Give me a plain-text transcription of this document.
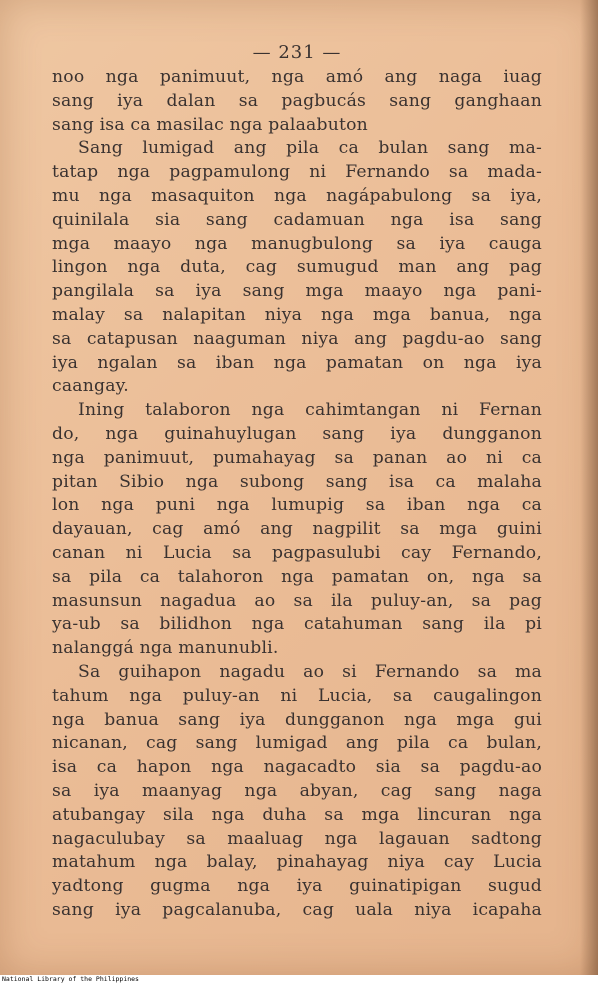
— 231 —
noo nga panimuut, nga amó ang naga iuag
sang iya dalan sa pagbucás sang ganghaan
sang isa ca masilac nga palaabuton
Sang lumigad ang pila ca bulan sang ma-
tatap nga pagpamulong ni Fernando sa mada-
mu nga masaquiton nga nagápabulong sa iya,
quinilala sia sang cadamuan nga isa sang
mga maayo nga manugbulong sa iya cauga
lingon nga duta, cag sumugud man ang pag
pangilala sa iya sang mga maayo nga pani-
malay sa nalapitan niya nga mga banua, nga
sa catapusan naaguman niya ang pagdu-ao sang
iya ngalan sa iban nga pamatan on nga iya
caangay.
Ining talaboron nga cahimtangan ni Fernan
do, nga guinahuylugan sang iya dungganon
nga panimuut, pumahayag sa panan ao ni ca
pitan Sibio nga subong sang isa ca malaha
lon nga puni nga lumupig sa iban nga ca
dayauan, cag amó ang nagpilit sa mga guini
canan ni Lucia sa pagpasulubi cay Fernando,
sa pila ca talahoron nga pamatan on, nga sa
masunsun nagadua ao sa ila puluy-an, sa pag
ya-ub sa bilidhon nga catahuman sang ila pi
nalanggá nga manunubli.
Sa guihapon nagadu ao si Fernando sa ma
tahum nga puluy-an ni Lucia, sa caugalingon
nga banua sang iya dungganon nga mga gui
nicanan, cag sang lumigad ang pila ca bulan,
isa ca hapon nga nagacadto sia sa pagdu-ao
sa iya maanyag nga abyan, cag sang naga
atubangay sila nga duha sa mga lincuran nga
nagaculubay sa maaluag nga lagauan sadtong
matahum nga balay, pinahayag niya cay Lucia
yadtong gugma nga iya guinatipigan sugud
sang iya pagcalanuba, cag uala niya icapaha
National Library of the Philippines
